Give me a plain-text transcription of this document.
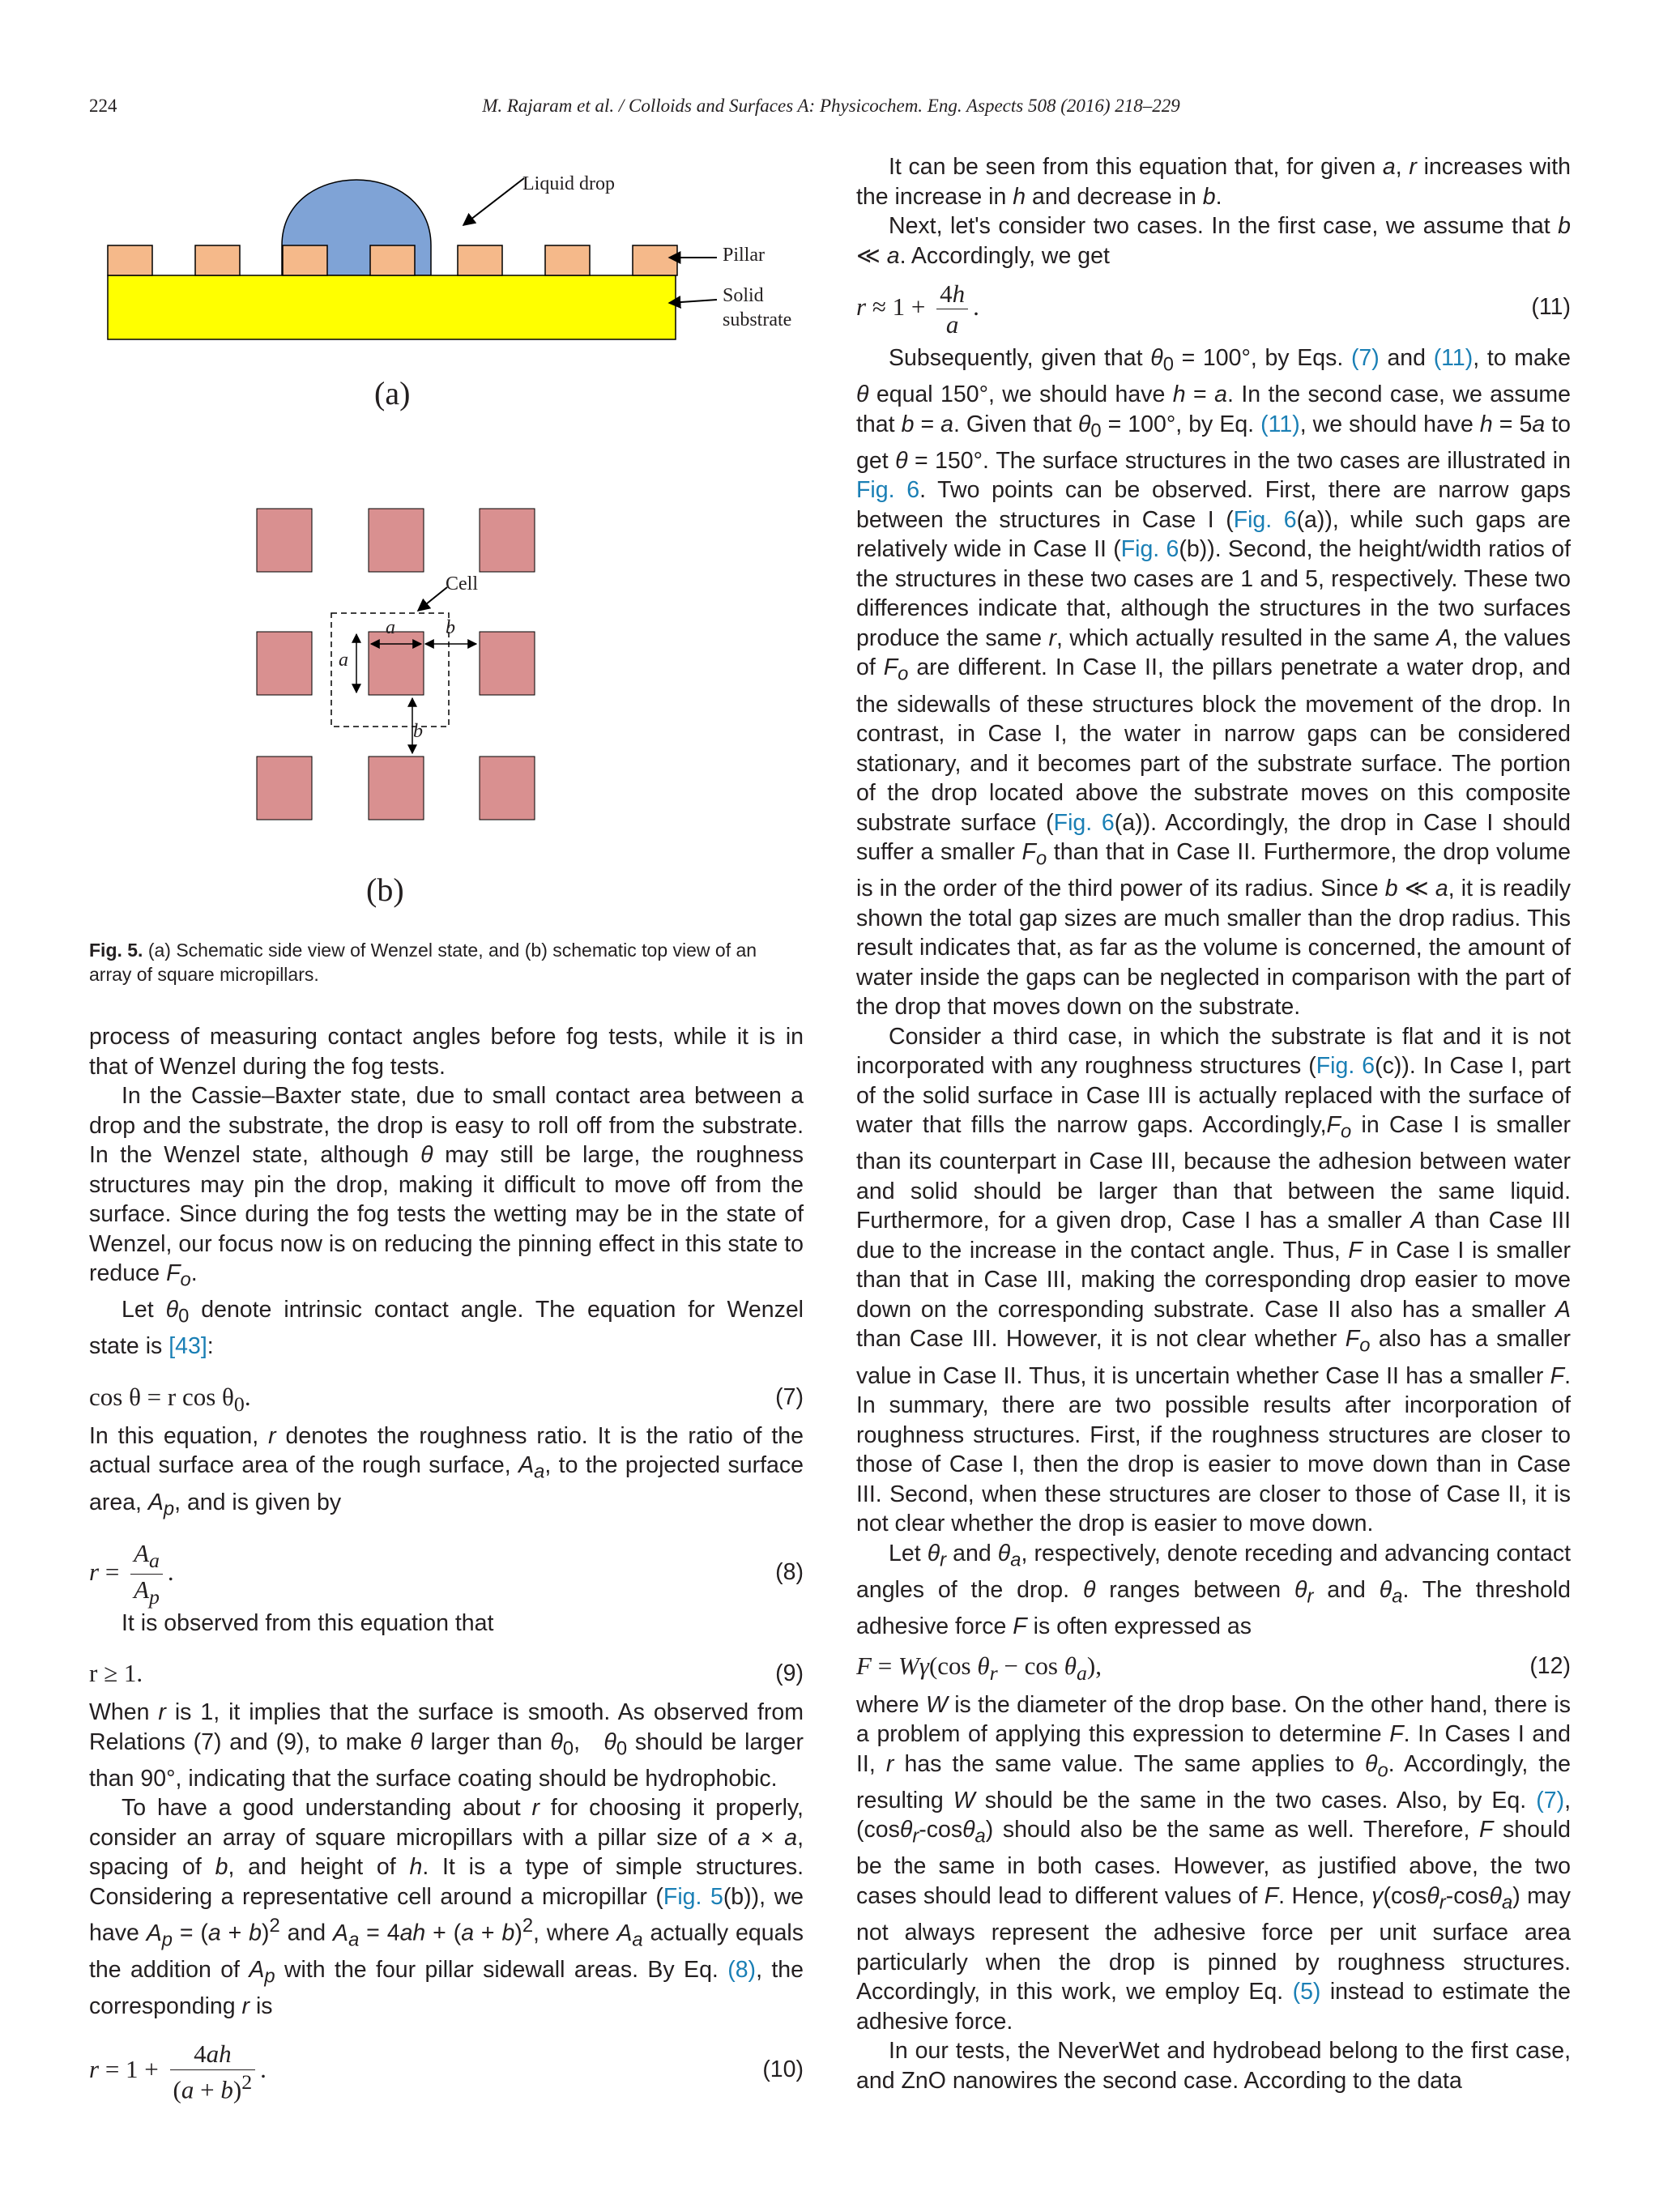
224	M. Rajaram et al. / Colloids and Surfaces A: Physicochem. Eng. Aspects 508 (2016) 218–229
Liquid drop
Pillar
Solid
substrate
(a)
Cell
a	b
a
b
(b)
Fig. 5. (a) Schematic side view of Wenzel state, and (b) schematic top view of an array of square micropillars.

process of measuring contact angles before fog tests, while it is in that of Wenzel during the fog tests.

In the Cassie–Baxter state, due to small contact area between a drop and the substrate, the drop is easy to roll off from the substrate. In the Wenzel state, although θ may still be large, the roughness structures may pin the drop, making it difficult to move off from the surface. Since during the fog tests the wetting may be in the state of Wenzel, our focus now is on reducing the pinning effect in this state to reduce $F_o$.

Let $\theta_0$ denote intrinsic contact angle. The equation for Wenzel state is [43]:

cos θ = r $\cos \theta_0$.	(7)

In this equation, r denotes the roughness ratio. It is the ratio of the actual surface area of the rough surface, $A_a$, to the projected surface area, $A_p$, and is given by

$r = \frac{A_a}{A_p}$ .	(8)

It is observed from this equation that

r ≥ 1.	(9)

When r is 1, it implies that the surface is smooth. As observed from Relations (7) and (9), to make θ larger than $\theta_0$,   $\theta_0$ should be larger than 90°, indicating that the surface coating should be hydrophobic.

To have a good understanding about r for choosing it properly, consider an array of square micropillars with a pillar size of a × a, spacing of b, and height of h. It is a type of simple structures. Considering a representative cell around a micropillar (Fig. 5(b)), we have $A_p = (a + b)^2$ and $A_a = 4ah + (a + b)^2$, where $A_a$ actually equals the addition of $A_p$ with the four pillar sidewall areas. By Eq. (8), the corresponding r is

$r = 1 + \frac{4ah}{(a + b)^2}$ .	(10)

It can be seen from this equation that, for given a, r increases with the increase in h and decrease in b.

Next, let's consider two cases. In the first case, we assume that b ≪ a. Accordingly, we get

$r \approx 1 + \frac{4h}{a}$ .	(11)

Subsequently, given that $\theta_0 = 100^\circ$, by Eqs. (7) and (11), to make θ equal 150°, we should have h = a. In the second case, we assume that b = a. Given that $\theta_0 = 100^\circ$, by Eq. (11), we should have h = 5a to get θ = 150°. The surface structures in the two cases are illustrated in Fig. 6. Two points can be observed. First, there are narrow gaps between the structures in Case I (Fig. 6(a)), while such gaps are relatively wide in Case II (Fig. 6(b)). Second, the height/width ratios of the structures in these two cases are 1 and 5, respectively. These two differences indicate that, although the structures in the two surfaces produce the same r, which actually resulted in the same A, the values of $F_o$ are different. In Case II, the pillars penetrate a water drop, and the sidewalls of these structures block the movement of the drop. In contrast, in Case I, the water in narrow gaps can be considered stationary, and it becomes part of the substrate surface. The portion of the drop located above the substrate moves on this composite substrate surface (Fig. 6(a)). Accordingly, the drop in Case I should suffer a smaller $F_o$ than that in Case II. Furthermore, the drop volume is in the order of the third power of its radius. Since b ≪ a, it is readily shown the total gap sizes are much smaller than the drop radius. This result indicates that, as far as the volume is concerned, the amount of water inside the gaps can be neglected in comparison with the part of the drop that moves down on the substrate.

Consider a third case, in which the substrate is flat and it is not incorporated with any roughness structures (Fig. 6(c)). In Case I, part of the solid surface in Case III is actually replaced with the surface of water that fills the narrow gaps. $Accordingly,F_o$ in Case I is smaller than its counterpart in Case III, because the adhesion between water and solid should be larger than that between the same liquid. Furthermore, for a given drop, Case I has a smaller A than Case III due to the increase in the contact angle. Thus, F in Case I is smaller than that in Case III, making the corresponding drop easier to move down on the corresponding substrate. Case II also has a smaller A than Case III. However, it is not clear whether $F_o$ also has a smaller value in Case II. Thus, it is uncertain whether Case II has a smaller F. In summary, there are two possible results after incorporation of roughness structures. First, if the roughness structures are closer to those of Case I, then the drop is easier to move down than in Case III. Second, when these structures are closer to those of Case II, it is not clear whether the drop is easier to move down.

Let $\theta_r$ and $\theta_a$, respectively, denote receding and advancing contact angles of the drop. θ ranges between $\theta_r$ and $\theta_a$. The threshold adhesive force F is often expressed as

F = Wγ(cos $\theta_r - \cos \theta_a$),	(12)

where W is the diameter of the drop base. On the other hand, there is a problem of applying this expression to determine F. In Cases I and II, r has the same value. The same applies to $\theta_o$. Accordingly, the resulting W should be the same in the two cases. Also, by Eq. (7), (cosθ$_r$-cosθ$_a$) should also be the same as well. Therefore, F should be the same in both cases. However, as justified above, the two cases should lead to different values of F. Hence, γ(cosθ$_r$-cosθ$_a$) may not always represent the adhesive force per unit surface area particularly when the drop is pinned by roughness structures. Accordingly, in this work, we employ Eq. (5) instead to estimate the adhesive force.

In our tests, the NeverWet and hydrobead belong to the first case, and ZnO nanowires the second case. According to the data
